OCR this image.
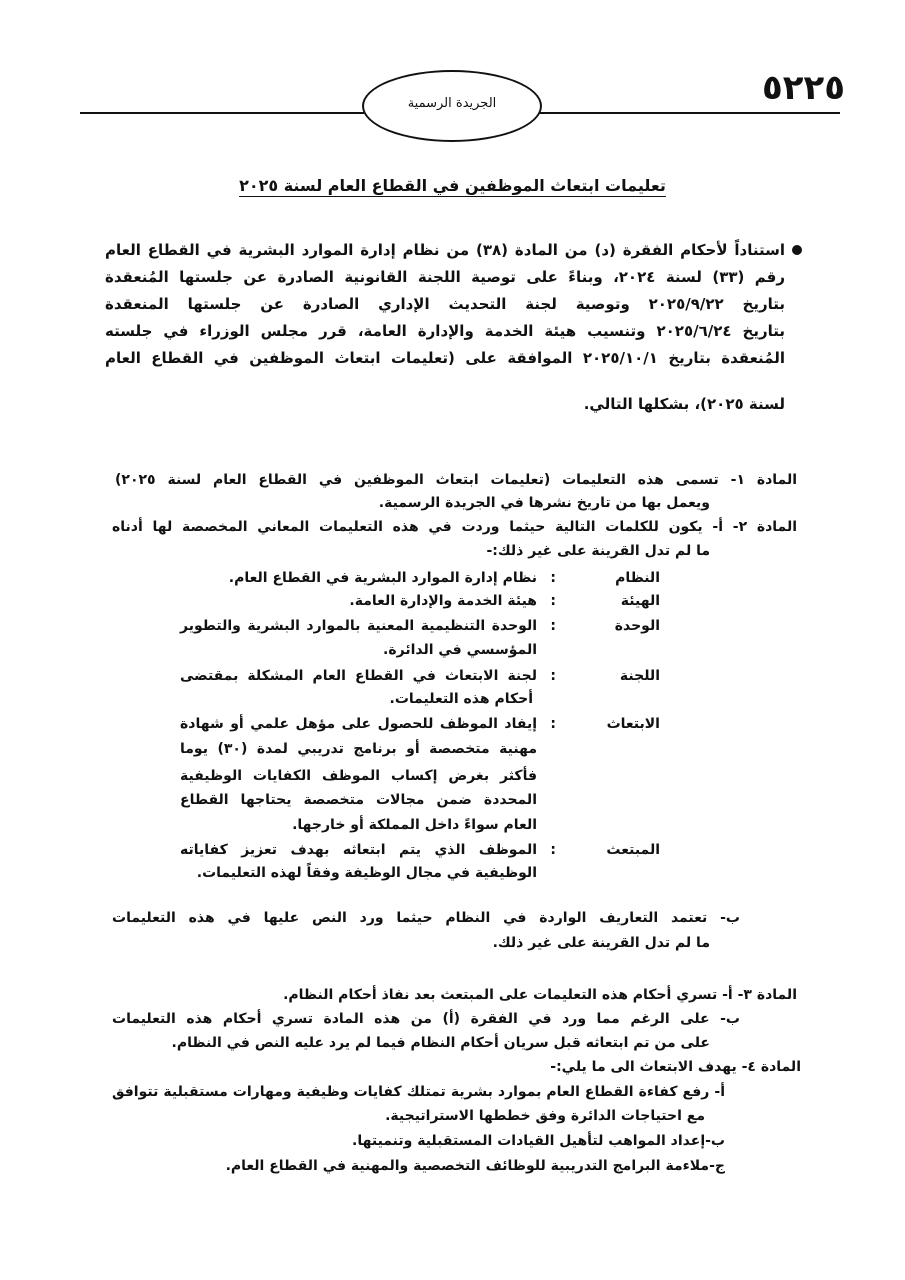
٥٢٢٥
الجريدة الرسمية
تعليمات ابتعاث الموظفين في القطاع العام لسنة ٢٠٢٥
استناداً لأحكام الفقرة (د) من المادة (٣٨) من نظام إدارة الموارد البشرية في القطاع العام
رقم (٣٣) لسنة ٢٠٢٤، وبناءً على توصية اللجنة القانونية الصادرة عن جلستها المُنعقدة
بتاريخ ٢٠٢٥/٩/٢٢ وتوصية لجنة التحديث الإداري الصادرة عن جلستها المنعقدة
بتاريخ ٢٠٢٥/٦/٢٤ وتنسيب هيئة الخدمة والإدارة العامة، قرر مجلس الوزراء في جلسته
المُنعقدة بتاريخ ٢٠٢٥/١٠/١ الموافقة على (تعليمات ابتعاث الموظفين في القطاع العام
لسنة ٢٠٢٥)، بشكلها التالي.
المادة ١- تسمى هذه التعليمات (تعليمات ابتعاث الموظفين في القطاع العام لسنة ٢٠٢٥)
ويعمل بها من تاريخ نشرها في الجريدة الرسمية.
المادة ٢- أ- يكون للكلمات التالية حيثما وردت في هذه التعليمات المعاني المخصصة لها أدناه
ما لم تدل القرينة على غير ذلك:-
النظام
:
نظام إدارة الموارد البشرية في القطاع العام.
الهيئة
:
هيئة الخدمة والإدارة العامة.
الوحدة
:
الوحدة التنظيمية المعنية بالموارد البشرية والتطوير
المؤسسي في الدائرة.
اللجنة
:
لجنة الابتعاث في القطاع العام المشكلة بمقتضى
أحكام هذه التعليمات.
الابتعاث
:
إيفاد الموظف للحصول على مؤهل علمي أو شهادة
مهنية متخصصة أو برنامج تدريبي لمدة (٣٠) يوما
فأكثر بغرض إكساب الموظف الكفايات الوظيفية
المحددة ضمن مجالات متخصصة يحتاجها القطاع
العام سواءً داخل المملكة أو خارجها.
المبتعث
:
الموظف الذي يتم ابتعاثه بهدف تعزيز كفاياته
الوظيفية في مجال الوظيفة وفقاً لهذه التعليمات.
ب- تعتمد التعاريف الواردة في النظام حيثما ورد النص عليها في هذه التعليمات
ما لم تدل القرينة على غير ذلك.
المادة ٣- أ- تسري أحكام هذه التعليمات على المبتعث بعد نفاذ أحكام النظام.
ب- على الرغم مما ورد في الفقرة (أ) من هذه المادة تسري أحكام هذه التعليمات
على من تم ابتعاثه قبل سريان أحكام النظام فيما لم يرد عليه النص في النظام.
المادة ٤- يهدف الابتعاث الى ما يلي:-
أ- رفع كفاءة القطاع العام بموارد بشرية تمتلك كفايات وظيفية ومهارات مستقبلية تتوافق
مع احتياجات الدائرة وفق خططها الاستراتيجية.
ب-إعداد المواهب لتأهيل القيادات المستقبلية وتنميتها.
ج-ملاءمة البرامج التدريبية للوظائف التخصصية والمهنية في القطاع العام.
